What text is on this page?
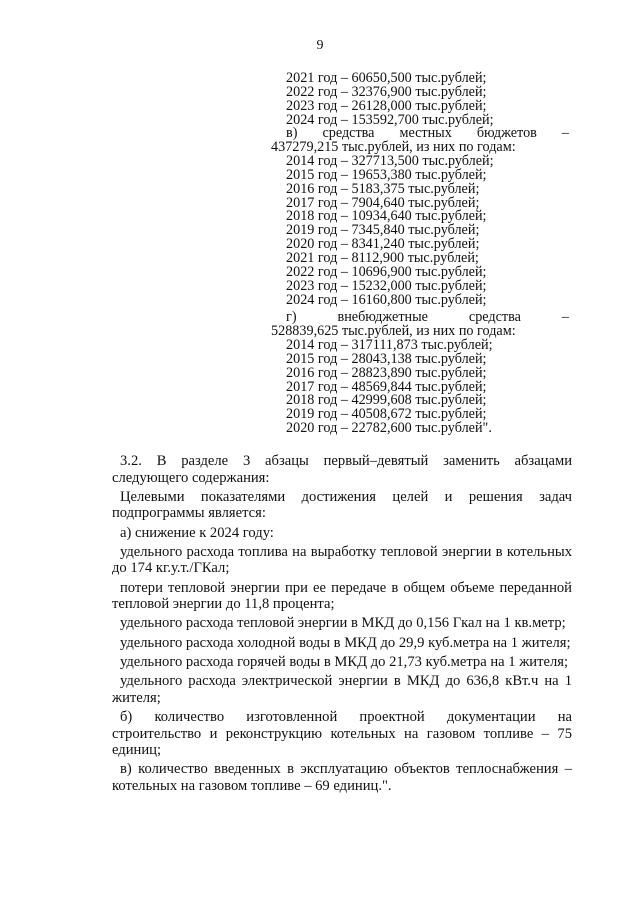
9
2021 год – 60650,500 тыс.рублей;
2022 год – 32376,900 тыс.рублей;
2023 год – 26128,000 тыс.рублей;
2024 год – 153592,700 тыс.рублей;
в) средства местных бюджетов –
437279,215 тыс.рублей, из них по годам:
2014 год – 327713,500 тыс.рублей;
2015 год – 19653,380 тыс.рублей;
2016 год – 5183,375 тыс.рублей;
2017 год – 7904,640 тыс.рублей;
2018 год – 10934,640 тыс.рублей;
2019 год – 7345,840 тыс.рублей;
2020 год – 8341,240 тыс.рублей;
2021 год – 8112,900 тыс.рублей;
2022 год – 10696,900 тыс.рублей;
2023 год – 15232,000 тыс.рублей;
2024 год – 16160,800 тыс.рублей;
г)	внебюджетные	средства	–
528839,625 тыс.рублей, из них по годам:
2014 год – 317111,873 тыс.рублей;
2015 год – 28043,138 тыс.рублей;
2016 год – 28823,890 тыс.рублей;
2017 год – 48569,844 тыс.рублей;
2018 год – 42999,608 тыс.рублей;
2019 год – 40508,672 тыс.рублей;
2020 год – 22782,600 тыс.рублей".

3.2. В разделе 3 абзацы первый–девятый заменить абзацами следующего содержания:

Целевыми показателями достижения целей и решения задач подпрограммы является:

а) снижение к 2024 году:

удельного расхода топлива на выработку тепловой энергии в котельных до 174 кг.у.т./ГКал;

потери тепловой энергии при ее передаче в общем объеме переданной тепловой энергии до 11,8 процента;

удельного расхода тепловой энергии в МКД до 0,156 Гкал на 1 кв.метр;

удельного расхода холодной воды в МКД до 29,9 куб.метра на 1 жителя;

удельного расхода горячей воды в МКД до 21,73 куб.метра на 1 жителя;

удельного расхода электрической энергии в МКД до 636,8 кВт.ч на 1 жителя;

б) количество изготовленной проектной документации на строительство и реконструкцию котельных на газовом топливе – 75 единиц;

в) количество введенных в эксплуатацию объектов теплоснабжения – котельных на газовом топливе – 69 единиц.".
